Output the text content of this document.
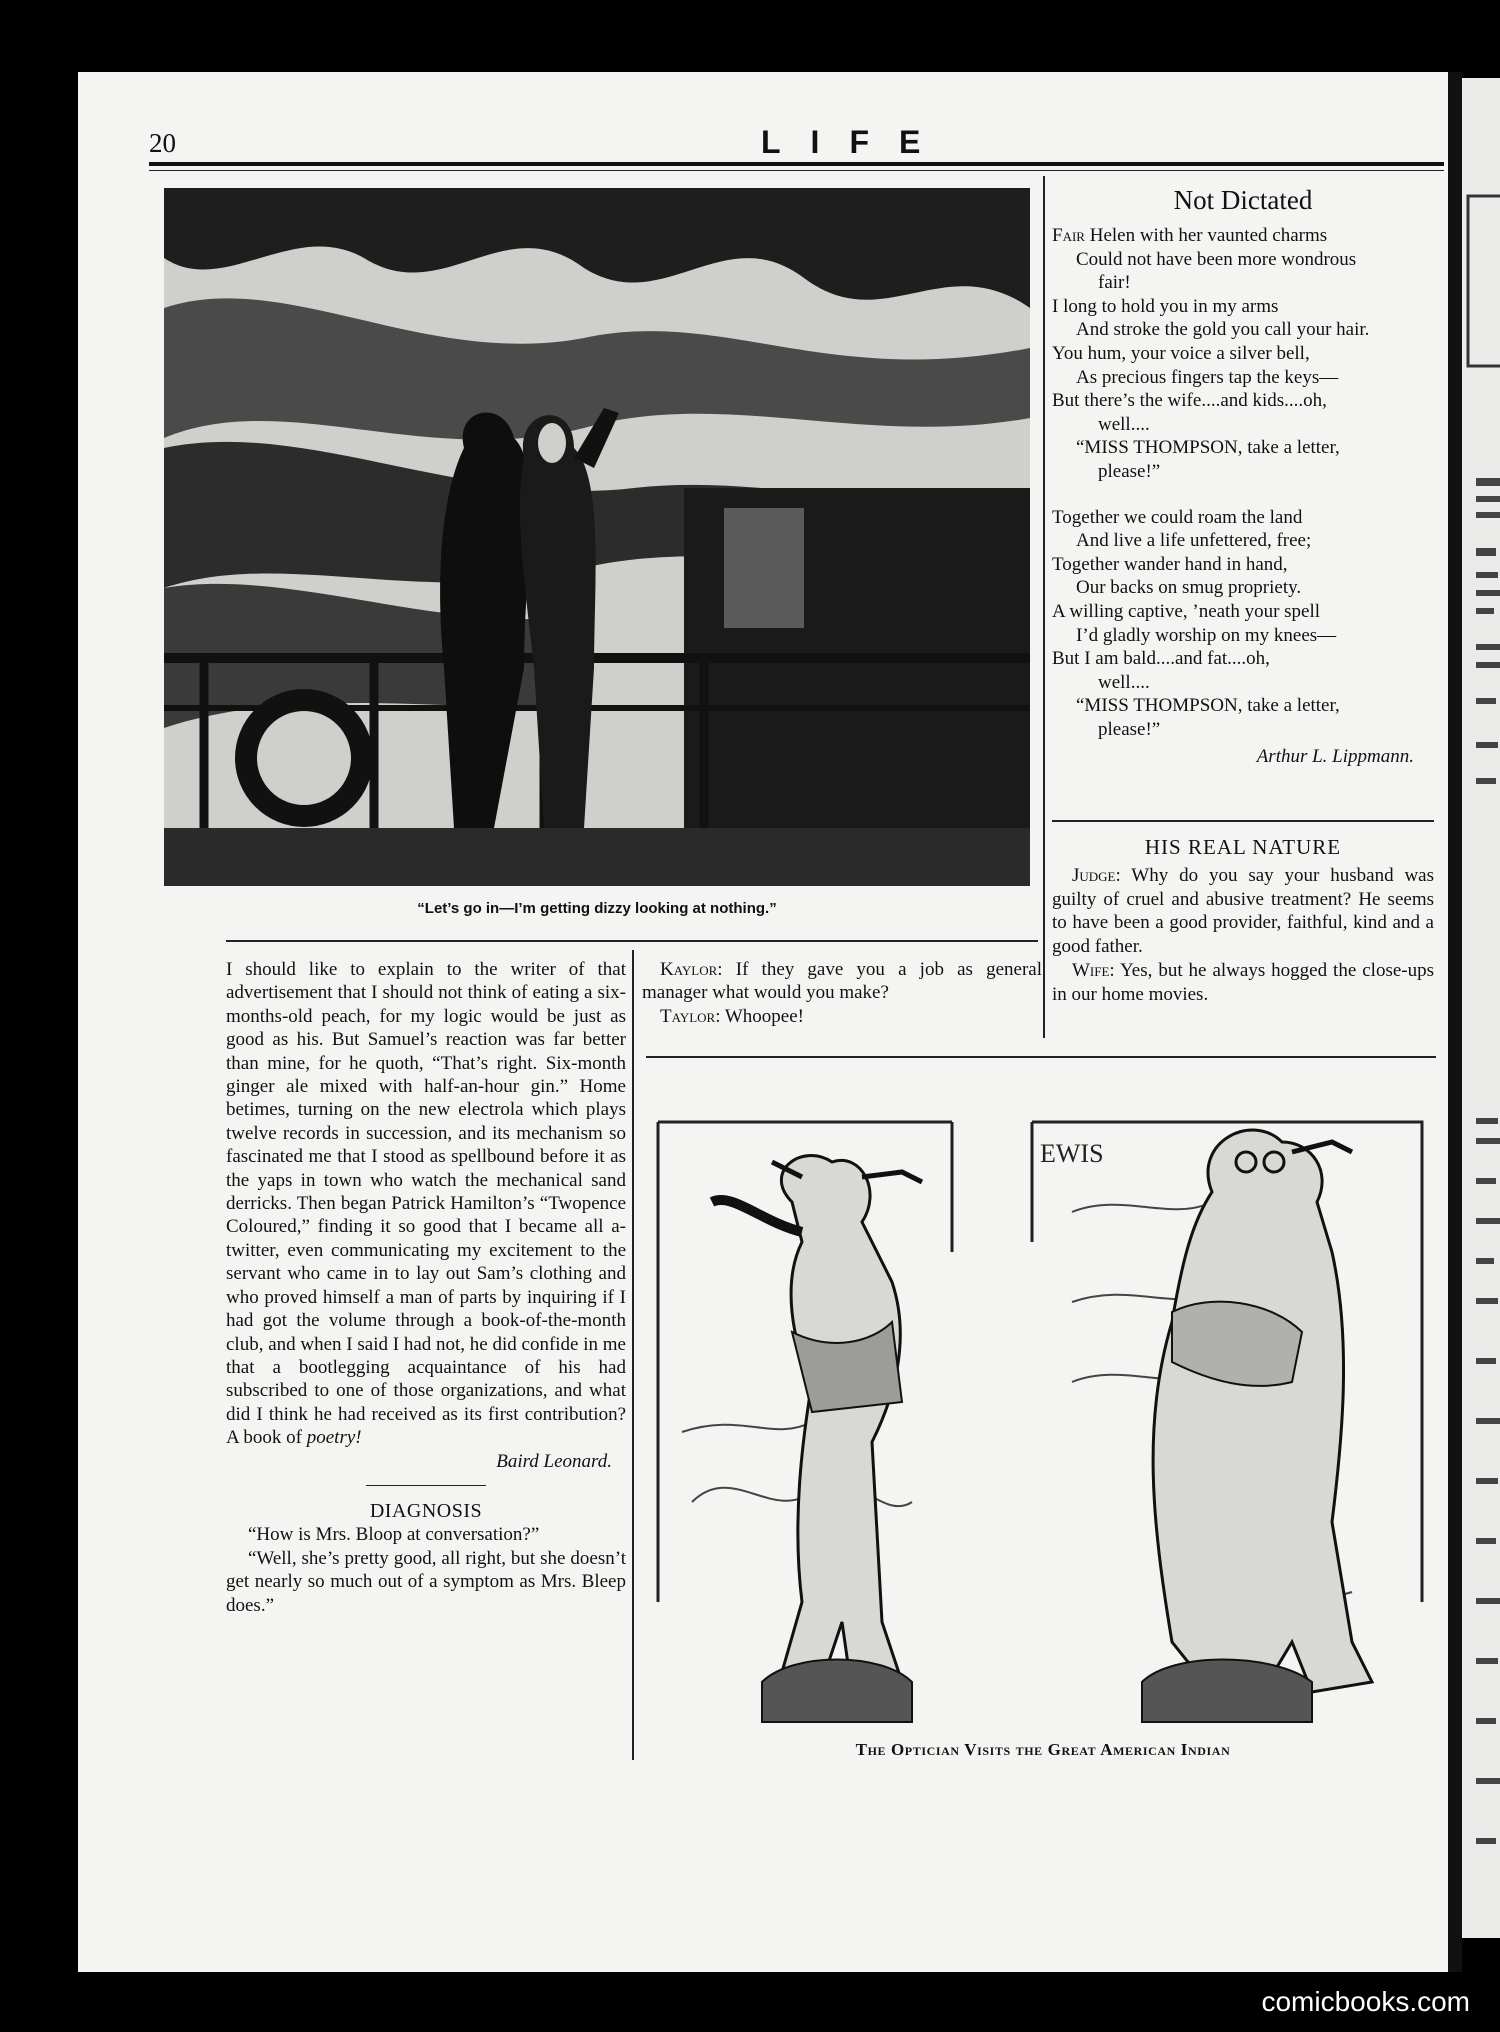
20	LIFE
“Let’s go in—I’m getting dizzy looking at nothing.”
Not Dictated
Fair Helen with her vaunted charms
Could not have been more wondrous
fair!
I long to hold you in my arms
And stroke the gold you call your hair.
You hum, your voice a silver bell,
As precious fingers tap the keys—
But there’s the wife....and kids....oh,
well....
“MISS THOMPSON, take a letter,
please!”
Together we could roam the land
And live a life unfettered, free;
Together wander hand in hand,
Our backs on smug propriety.
A willing captive, ’neath your spell
I’d gladly worship on my knees—
But I am bald....and fat....oh,
well....
“MISS THOMPSON, take a letter,
please!”
Arthur L. Lippmann.
HIS REAL NATURE

Judge: Why do you say your husband was guilty of cruel and abusive treatment? He seems to have been a good provider, faithful, kind and a good father.

Wife: Yes, but he always hogged the close-ups in our home movies.

I should like to explain to the writer of that advertisement that I should not think of eating a six-months-old peach, for my logic would be just as good as his. But Samuel’s reaction was far better than mine, for he quoth, “That’s right. Six-month ginger ale mixed with half-an-hour gin.” Home betimes, turning on the new electrola which plays twelve records in succession, and its mechanism so fascinated me that I stood as spellbound before it as the yaps in town who watch the mechanical sand derricks. Then began Patrick Hamilton’s “Twopence Coloured,” finding it so good that I became all a-twitter, even communicating my excitement to the servant who came in to lay out Sam’s clothing and who proved himself a man of parts by inquiring if I had got the volume through a book-of-the-month club, and when I said I had not, he did confide in me that a bootlegging acquaintance of his had subscribed to one of those organizations, and what did I think he had received as its first contribution? A book of poetry!

Baird Leonard.
DIAGNOSIS

“How is Mrs. Bloop at conversation?”

“Well, she’s pretty good, all right, but she doesn’t get nearly so much out of a symptom as Mrs. Bleep does.”

Kaylor: If they gave you a job as general manager what would you make?

Taylor: Whoopee!

EWIS
The Optician Visits the Great American Indian
comicbooks.com
